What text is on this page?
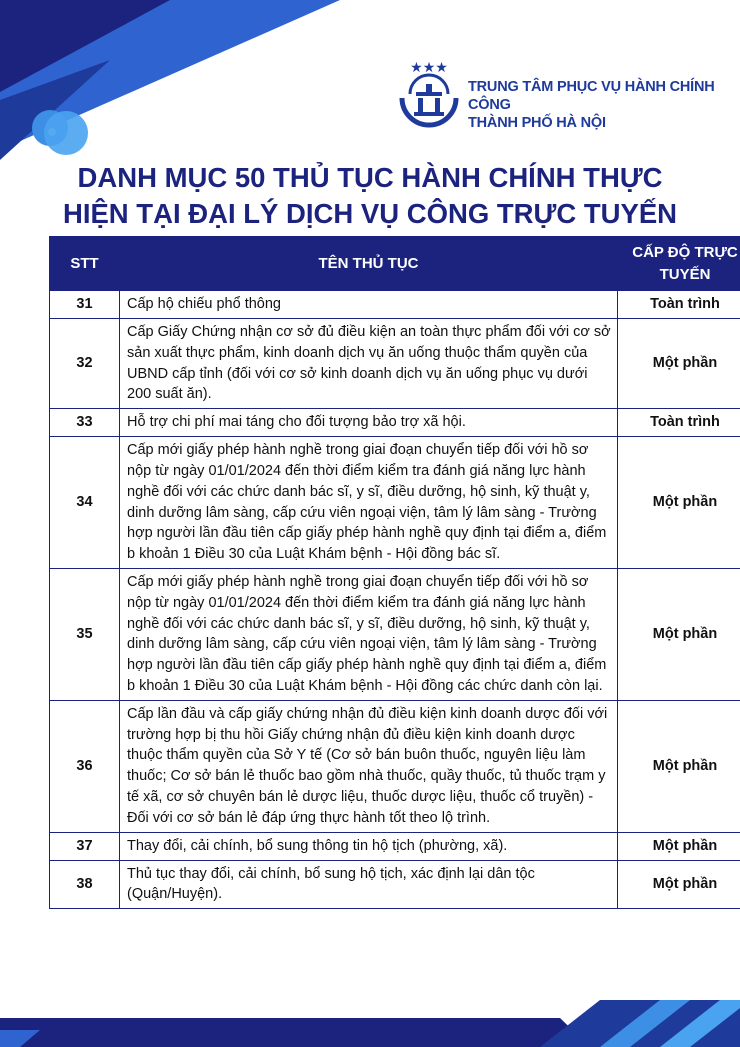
★★★
TRUNG TÂM PHỤC VỤ HÀNH CHÍNH CÔNG
THÀNH PHỐ HÀ NỘI
DANH MỤC 50 THỦ TỤC HÀNH CHÍNH THỰC
HIỆN TẠI ĐẠI LÝ DỊCH VỤ CÔNG TRỰC TUYẾN
STT	TÊN THỦ TỤC	CẤP ĐỘ TRỰC
TUYẾN

31	Cấp hộ chiếu phổ thông	Toàn trình
32	Cấp Giấy Chứng nhận cơ sở đủ điều kiện an toàn thực phẩm đối với cơ sở sản xuất thực phẩm, kinh doanh dịch vụ ăn uống thuộc thẩm quyền của UBND cấp tỉnh (đối với cơ sở kinh doanh dịch vụ ăn uống phục vụ dưới 200 suất ăn).	Một phần
33	Hỗ trợ chi phí mai táng cho đối tượng bảo trợ xã hội.	Toàn trình
34	Cấp mới giấy phép hành nghề trong giai đoạn chuyển tiếp đối với hồ sơ nộp từ ngày 01/01/2024 đến thời điểm kiểm tra đánh giá năng lực hành nghề đối với các chức danh bác sĩ, y sĩ, điều dưỡng, hộ sinh, kỹ thuật y, dinh dưỡng lâm sàng, cấp cứu viên ngoại viện, tâm lý lâm sàng - Trường hợp người lần đầu tiên cấp giấy phép hành nghề quy định tại điểm a, điểm b khoản 1 Điều 30 của Luật Khám bệnh - Hội đồng bác sĩ.	Một phần
35	Cấp mới giấy phép hành nghề trong giai đoạn chuyển tiếp đối với hồ sơ nộp từ ngày 01/01/2024 đến thời điểm kiểm tra đánh giá năng lực hành nghề đối với các chức danh bác sĩ, y sĩ, điều dưỡng, hộ sinh, kỹ thuật y, dinh dưỡng lâm sàng, cấp cứu viên ngoại viện, tâm lý lâm sàng - Trường hợp người lần đầu tiên cấp giấy phép hành nghề quy định tại điểm a, điểm b khoản 1 Điều 30 của Luật Khám bệnh - Hội đồng các chức danh còn lại.	Một phần
36	Cấp lần đầu và cấp giấy chứng nhận đủ điều kiện kinh doanh dược đối với trường hợp bị thu hồi Giấy chứng nhận đủ điều kiện kinh doanh dược thuộc thẩm quyền của Sở Y tế (Cơ sở bán buôn thuốc, nguyên liệu làm thuốc; Cơ sở bán lẻ thuốc bao gồm nhà thuốc, quầy thuốc, tủ thuốc trạm y tế xã, cơ sở chuyên bán lẻ dược liệu, thuốc dược liệu, thuốc cổ truyền) - Đối với cơ sở bán lẻ đáp ứng thực hành tốt theo lộ trình.	Một phần
37	Thay đổi, cải chính, bổ sung thông tin hộ tịch (phường, xã).	Một phần
38	Thủ tục thay đổi, cải chính, bổ sung hộ tịch, xác định lại dân tộc (Quận/Huyện).	Một phần
